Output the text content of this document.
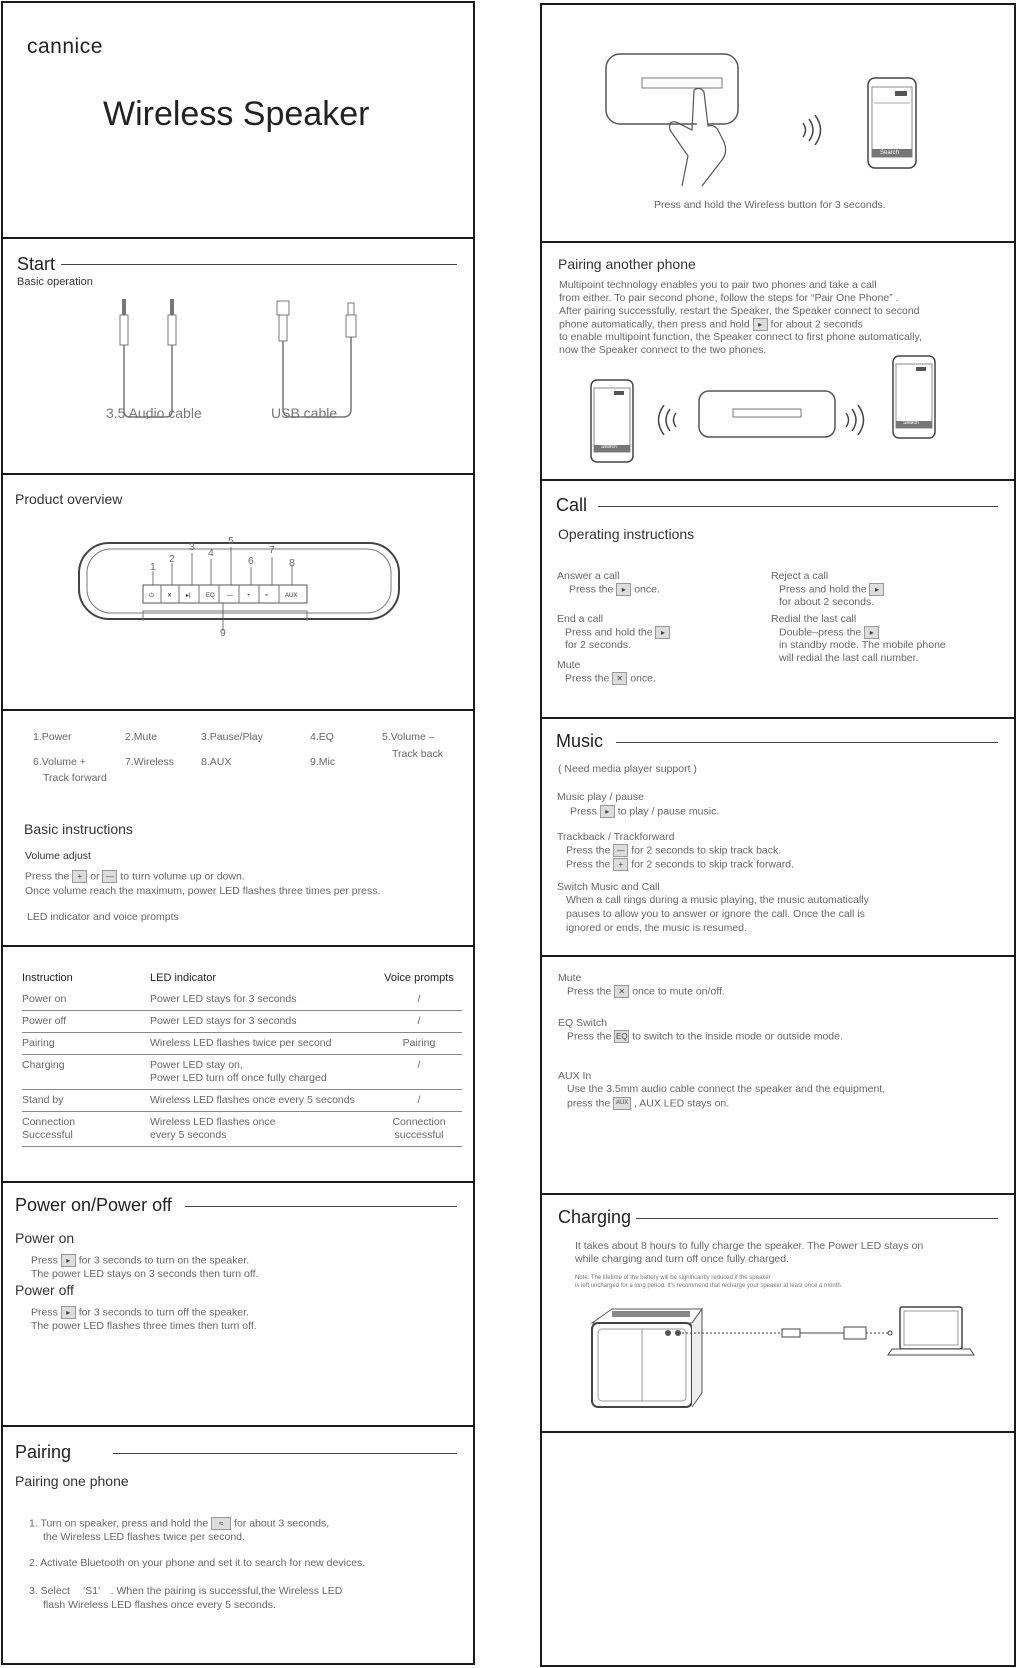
cannice
Wireless Speaker
Start
Basic operation
3.5 Audio cable	USB cable
Product overview
⏻ ✕ ▸|	EQ — + ≈	AUX
1
2
3 4
5
6
7
8
9
1.Power	2.Mute	3.Pause/Play	4.EQ	5.Volume –
Track back
6.Volume +
Track forward
7.Wireless	8.AUX	9.Mic
Basic instructions
Volume adjust
Press the + or — to turn volume up or down.
Once volume reach the maximum, power LED flashes three times per press.
LED indicator and voice prompts
Instruction	LED indicator	Voice prompts
Power on	Power LED stays for 3 seconds	/
Power off	Power LED stays for 3 seconds	/
Pairing	Wireless LED flashes twice per second	Pairing
Charging	Power LED stay on,
Power LED turn off once fully charged	/
Stand by	Wireless LED flashes once every 5 seconds	/
Connection
Successful	Wireless LED flashes once
every 5 seconds	Connection
successful
Power on/Power off
Power on
Press ▸ for 3 seconds to turn on the speaker.
The power LED stays on 3 seconds then turn off.
Power off
Press ▸ for 3 seconds to turn off the speaker.
The power LED flashes three times then turn off.
Pairing
Pairing one phone
1. Turn on speaker, press and hold the ≈ for about 3 seconds,
the Wireless LED flashes twice per second.
2. Activate Bluetooth on your phone and set it to search for new devices.
3. Select 　'S1'　. When the pairing is successful,the Wireless LED
flash Wireless LED flashes once every 5 seconds.
Search
Press and hold the Wireless button for 3 seconds.
Pairing another phone
Multipoint technology enables you to pair two phones and take a call
from either. To pair second phone, follow the steps for “Pair One Phone” .
After pairing successfully, restart the Speaker, the Speaker connect to second
phone automatically, then press and hold ▸ for about 2 seconds
to enable multipoint function, the Speaker connect to first phone automatically,
now the Speaker connect to the two phones.
Search
Search
Call
Operating instructions
Answer a call
Press the ▸ once.
End a call
Press and hold the ▸
for 2 seconds.
Mute
Press the ✕ once.
Reject a call
Press and hold the ▸
for about 2 seconds.
Redial the last call
Double–press the ▸
in standby mode. The mobile phone
will redial the last call number.
Music
( Need media player support )
Music play / pause
Press ▸ to play / pause music.
Trackback / Trackforward
Press the — for 2 seconds to skip track back.
Press the + for 2 seconds to skip track forward.
Switch Music and Call
When a call rings during a music playing, the music automatically
pauses to allow you to answer or ignore the call. Once the call is
ignored or ends, the music is resumed.
Mute
Press the ✕ once to mute on/off.
EQ Switch
Press the EQ to switch to the inside mode or outside mode.
AUX In
Use the 3.5mm audio cable connect the speaker and the equipment,
press the AUX , AUX LED stays on.
Charging
It takes about 8 hours to fully charge the speaker. The Power LED stays on
while charging and turn off once fully charged.
Note: The lifetime of the battery will be significantly reduced if the speaker
is left uncharged for a long period. It’s recommend that recharge your speaker at least once a month.
